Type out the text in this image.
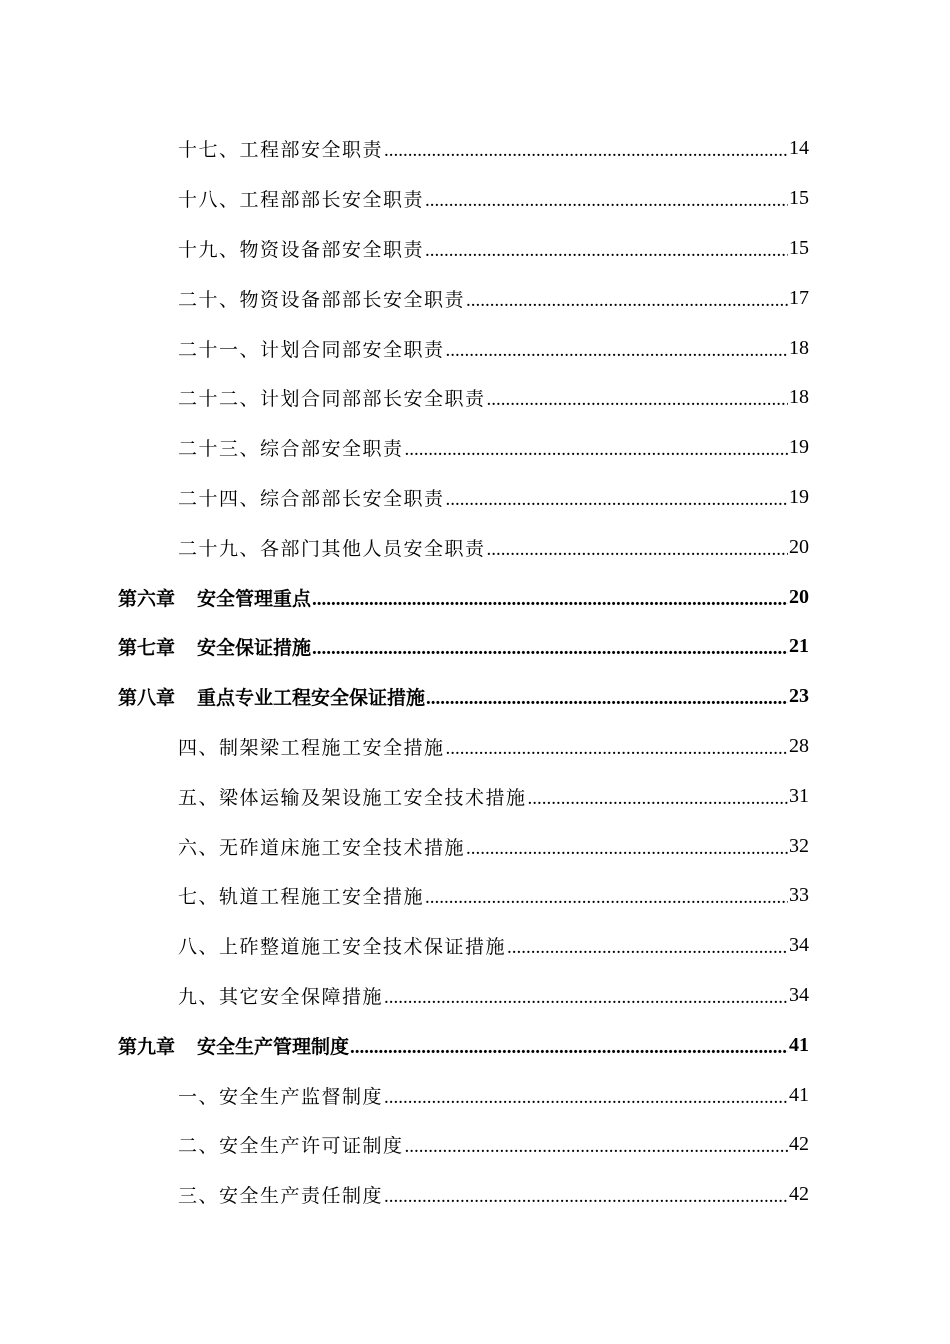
十七、工程部安全职责 .....	14
十八、工程部部长安全职责 .....	15
十九、物资设备部安全职责 .....	15
二十、物资设备部部长安全职责 .....	17
二十一、计划合同部安全职责 .....	18
二十二、计划合同部部长安全职责 .....	18
二十三、综合部安全职责 .....	19
二十四、综合部部长安全职责 .....	19
二十九、各部门其他人员安全职责 .....	20
第六章 安全管理重点 .....	20
第七章 安全保证措施 .....	21
第八章 重点专业工程安全保证措施 .....	23
四、制架梁工程施工安全措施 .....	28
五、梁体运输及架设施工安全技术措施 .....	31
六、无砟道床施工安全技术措施 .....	32
七、轨道工程施工安全措施 .....	33
八、上砟整道施工安全技术保证措施 .....	34
九、其它安全保障措施 .....	34
第九章 安全生产管理制度 .....	41
一、安全生产监督制度 .....	41
二、安全生产许可证制度 .....	42
三、安全生产责任制度 .....	42
